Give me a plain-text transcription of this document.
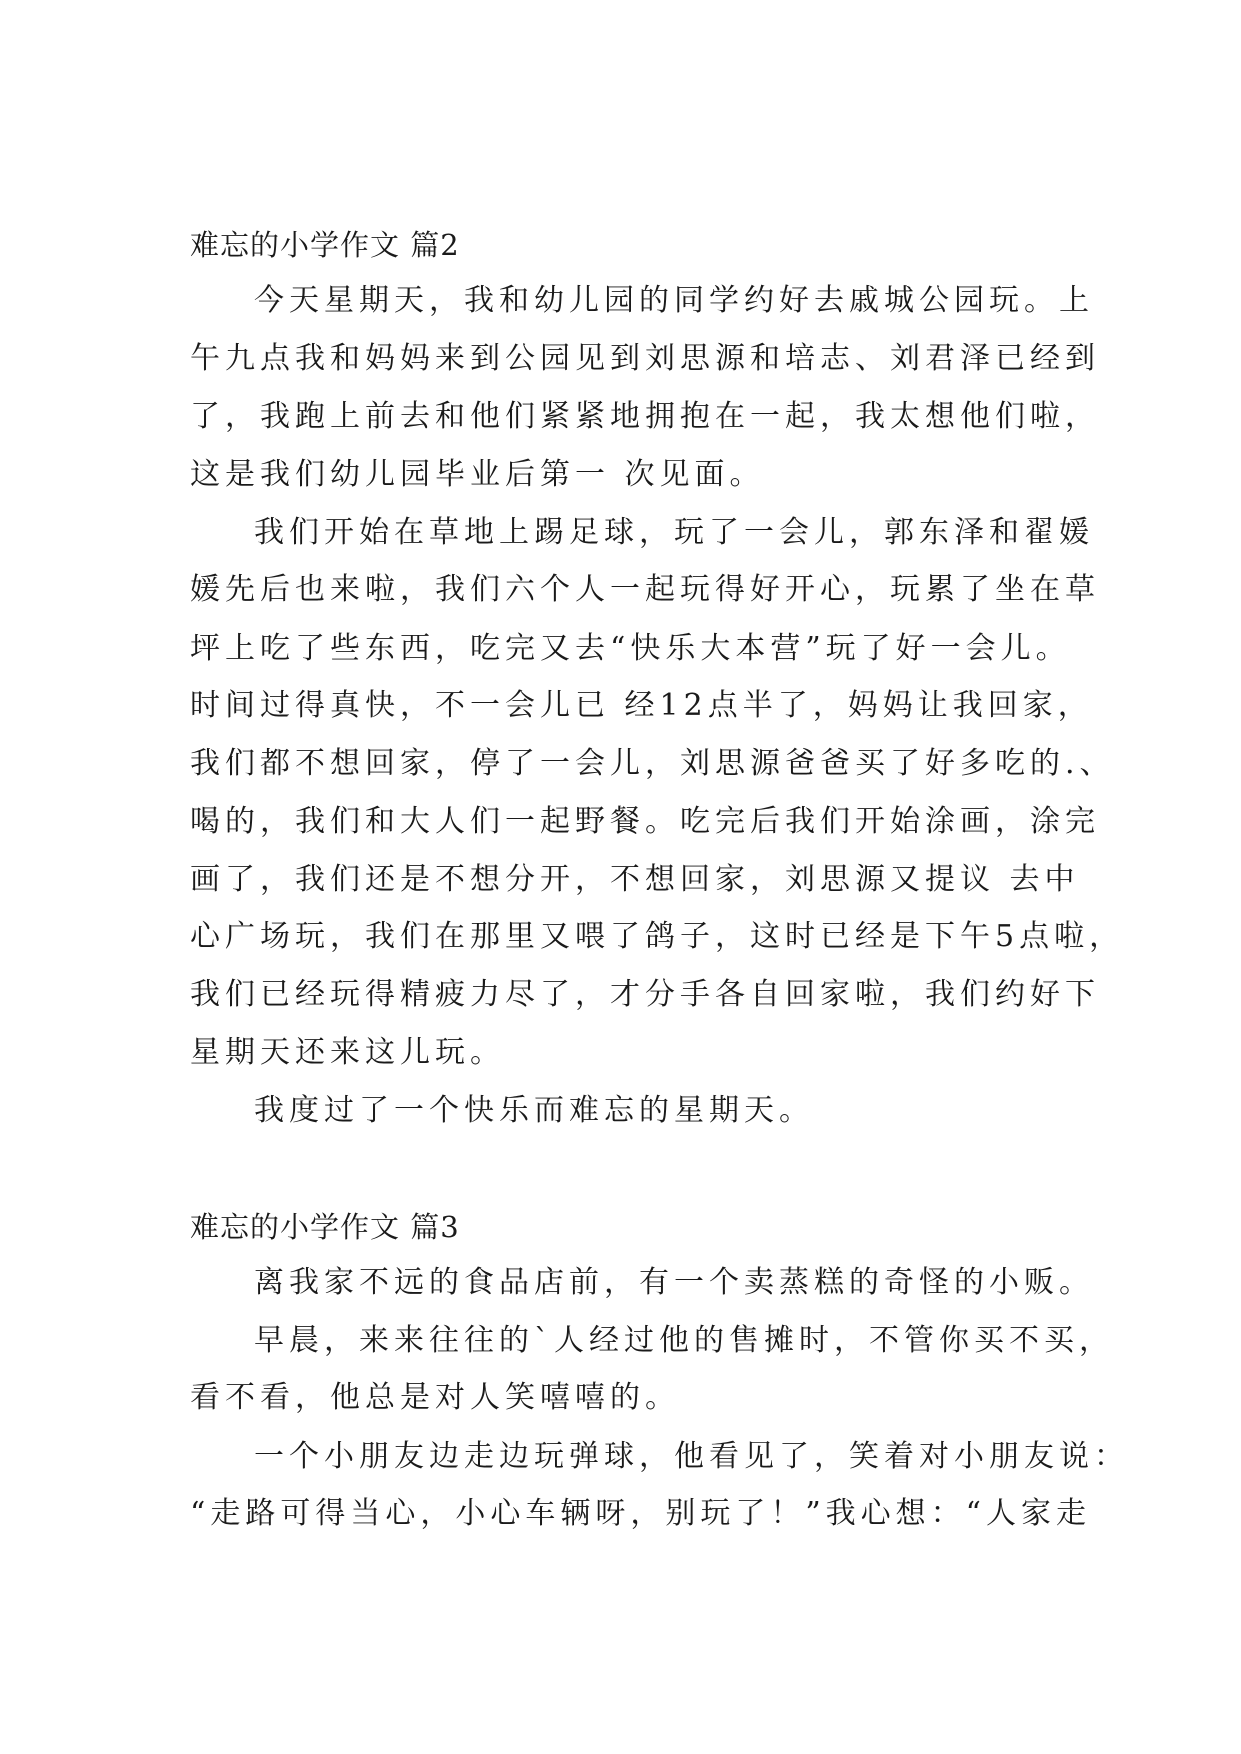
难忘的小学作文 篇2
今天星期天，我和幼儿园的同学约好去戚城公园玩。上
午九点我和妈妈来到公园见到刘思源和培志、刘君泽已经到
了，我跑上前去和他们紧紧地拥抱在一起，我太想他们啦，
这是我们幼儿园毕业后第一 次见面。
我们开始在草地上踢足球，玩了一会儿，郭东泽和翟媛
媛先后也来啦，我们六个人一起玩得好开心，玩累了坐在草
坪上吃了些东西，吃完又去“快乐大本营”玩了好一会儿。
时间过得真快，不一会儿已 经12点半了，妈妈让我回家，
我们都不想回家，停了一会儿，刘思源爸爸买了好多吃的.、
喝的，我们和大人们一起野餐。吃完后我们开始涂画，涂完
画了，我们还是不想分开，不想回家，刘思源又提议 去中
心广场玩，我们在那里又喂了鸽子，这时已经是下午5点啦，
我们已经玩得精疲力尽了，才分手各自回家啦，我们约好下
星期天还来这儿玩。
我度过了一个快乐而难忘的星期天。
难忘的小学作文 篇3
离我家不远的食品店前，有一个卖蒸糕的奇怪的小贩。
早晨，来来往往的`人经过他的售摊时，不管你买不买，
看不看，他总是对人笑嘻嘻的。
一个小朋友边走边玩弹球，他看见了，笑着对小朋友说：
“走路可得当心，小心车辆呀，别玩了！”我心想：“人家走
